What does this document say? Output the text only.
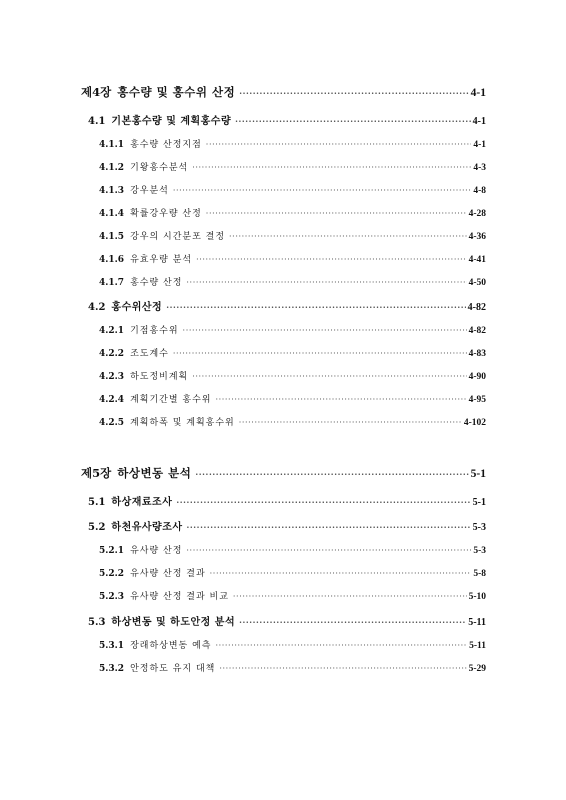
제4장 홍수량 및 홍수위 산정 ·····	4-1
4.1 기본홍수량 및 계획홍수량 ·····	4-1
4.1.1 홍수량 산정지점 ·····	4-1
4.1.2 기왕홍수분석 ·····	4-3
4.1.3 강우분석 ·····	4-8
4.1.4 확률강우량 산정 ·····	4-28
4.1.5 강우의 시간분포 결정 ·····	4-36
4.1.6 유효우량 분석 ·····	4-41
4.1.7 홍수량 산정 ·····	4-50
4.2 홍수위산정 ·····	4-82
4.2.1 기점홍수위 ·····	4-82
4.2.2 조도계수 ·····	4-83
4.2.3 하도정비계획 ·····	4-90
4.2.4 계획기간별 홍수위 ·····	4-95
4.2.5 계획하폭 및 계획홍수위 ·····	4-102
제5장 하상변동 분석 ·····	5-1
5.1 하상재료조사 ·····	5-1
5.2 하천유사량조사 ·····	5-3
5.2.1 유사량 산정 ·····	5-3
5.2.2 유사량 산정 결과 ·····	5-8
5.2.3 유사량 산정 결과 비교 ·····	5-10
5.3 하상변동 및 하도안정 분석 ·····	5-11
5.3.1 장래하상변동 예측 ·····	5-11
5.3.2 안정하도 유지 대책 ·····	5-29
